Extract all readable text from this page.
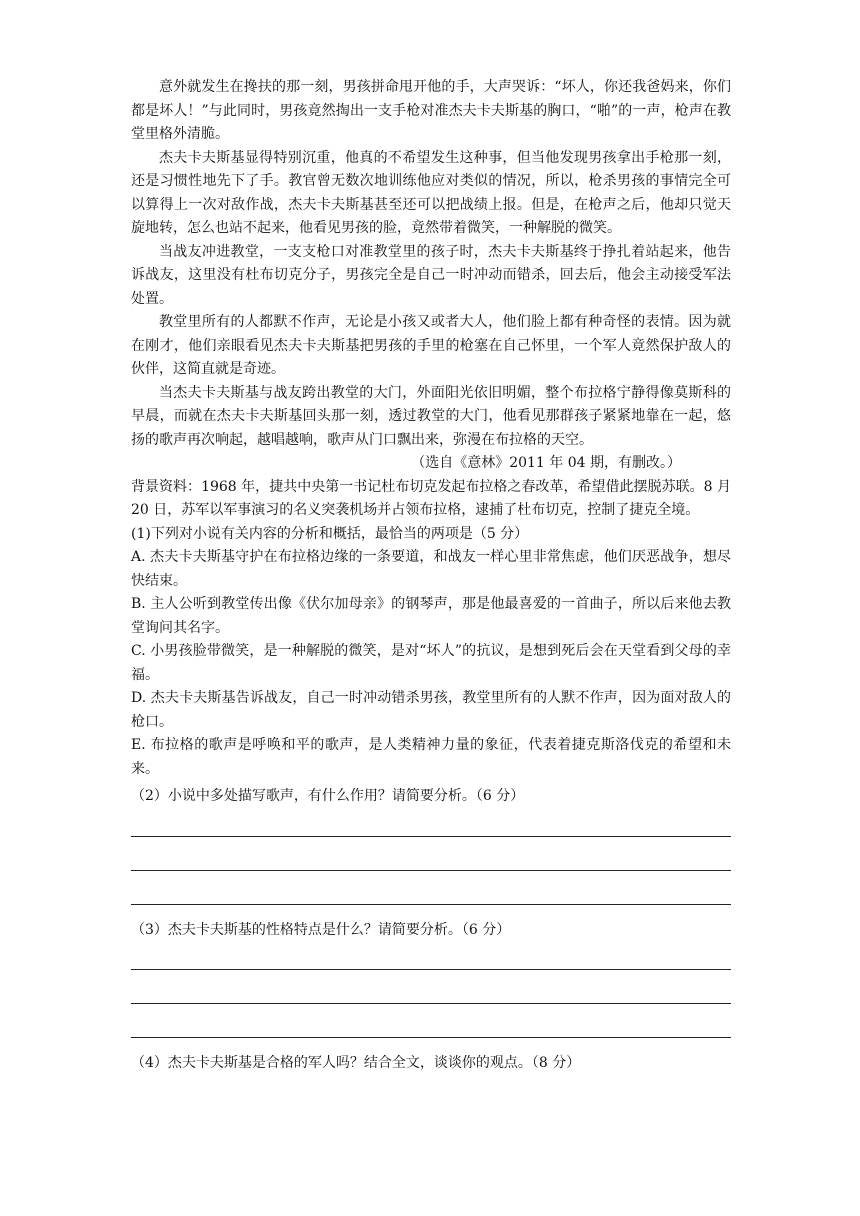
意外就发生在搀扶的那一刻，男孩拼命甩开他的手，大声哭诉：“坏人，你还我爸妈来，你们都是坏人！”与此同时，男孩竟然掏出一支手枪对准杰夫卡夫斯基的胸口，“啪”的一声，枪声在教堂里格外清脆。

杰夫卡夫斯基显得特别沉重，他真的不希望发生这种事，但当他发现男孩拿出手枪那一刻，还是习惯性地先下了手。教官曾无数次地训练他应对类似的情况，所以，枪杀男孩的事情完全可以算得上一次对敌作战，杰夫卡夫斯基甚至还可以把战绩上报。但是，在枪声之后，他却只觉天旋地转，怎么也站不起来，他看见男孩的脸，竟然带着微笑，一种解脱的微笑。

当战友冲进教堂，一支支枪口对准教堂里的孩子时，杰夫卡夫斯基终于挣扎着站起来，他告诉战友，这里没有杜布切克分子，男孩完全是自己一时冲动而错杀，回去后，他会主动接受军法处置。

教堂里所有的人都默不作声，无论是小孩又或者大人，他们脸上都有种奇怪的表情。因为就在刚才，他们亲眼看见杰夫卡夫斯基把男孩的手里的枪塞在自己怀里，一个军人竟然保护敌人的伙伴，这简直就是奇迹。

当杰夫卡夫斯基与战友跨出教堂的大门，外面阳光依旧明媚，整个布拉格宁静得像莫斯科的早晨，而就在杰夫卡夫斯基回头那一刻，透过教堂的大门，他看见那群孩子紧紧地靠在一起，悠扬的歌声再次响起，越唱越响，歌声从门口飘出来，弥漫在布拉格的天空。

（选自《意林》2011 年 04 期，有删改。）

背景资料：1968 年，捷共中央第一书记杜布切克发起布拉格之春改革，希望借此摆脱苏联。8 月 20 日，苏军以军事演习的名义突袭机场并占领布拉格，逮捕了杜布切克，控制了捷克全境。

(1)下列对小说有关内容的分析和概括，最恰当的两项是（5 分）

A. 杰夫卡夫斯基守护在布拉格边缘的一条要道，和战友一样心里非常焦虑，他们厌恶战争，想尽快结束。

B. 主人公听到教堂传出像《伏尔加母亲》的钢琴声，那是他最喜爱的一首曲子，所以后来他去教堂询问其名字。

C. 小男孩脸带微笑，是一种解脱的微笑，是对“坏人”的抗议，是想到死后会在天堂看到父母的幸福。

D. 杰夫卡夫斯基告诉战友，自己一时冲动错杀男孩，教堂里所有的人默不作声，因为面对敌人的枪口。

E. 布拉格的歌声是呼唤和平的歌声，是人类精神力量的象征，代表着捷克斯洛伐克的希望和未来。

（2）小说中多处描写歌声，有什么作用？请简要分析。（6 分）

（3）杰夫卡夫斯基的性格特点是什么？请简要分析。（6 分）

（4）杰夫卡夫斯基是合格的军人吗？结合全文，谈谈你的观点。（8 分）
